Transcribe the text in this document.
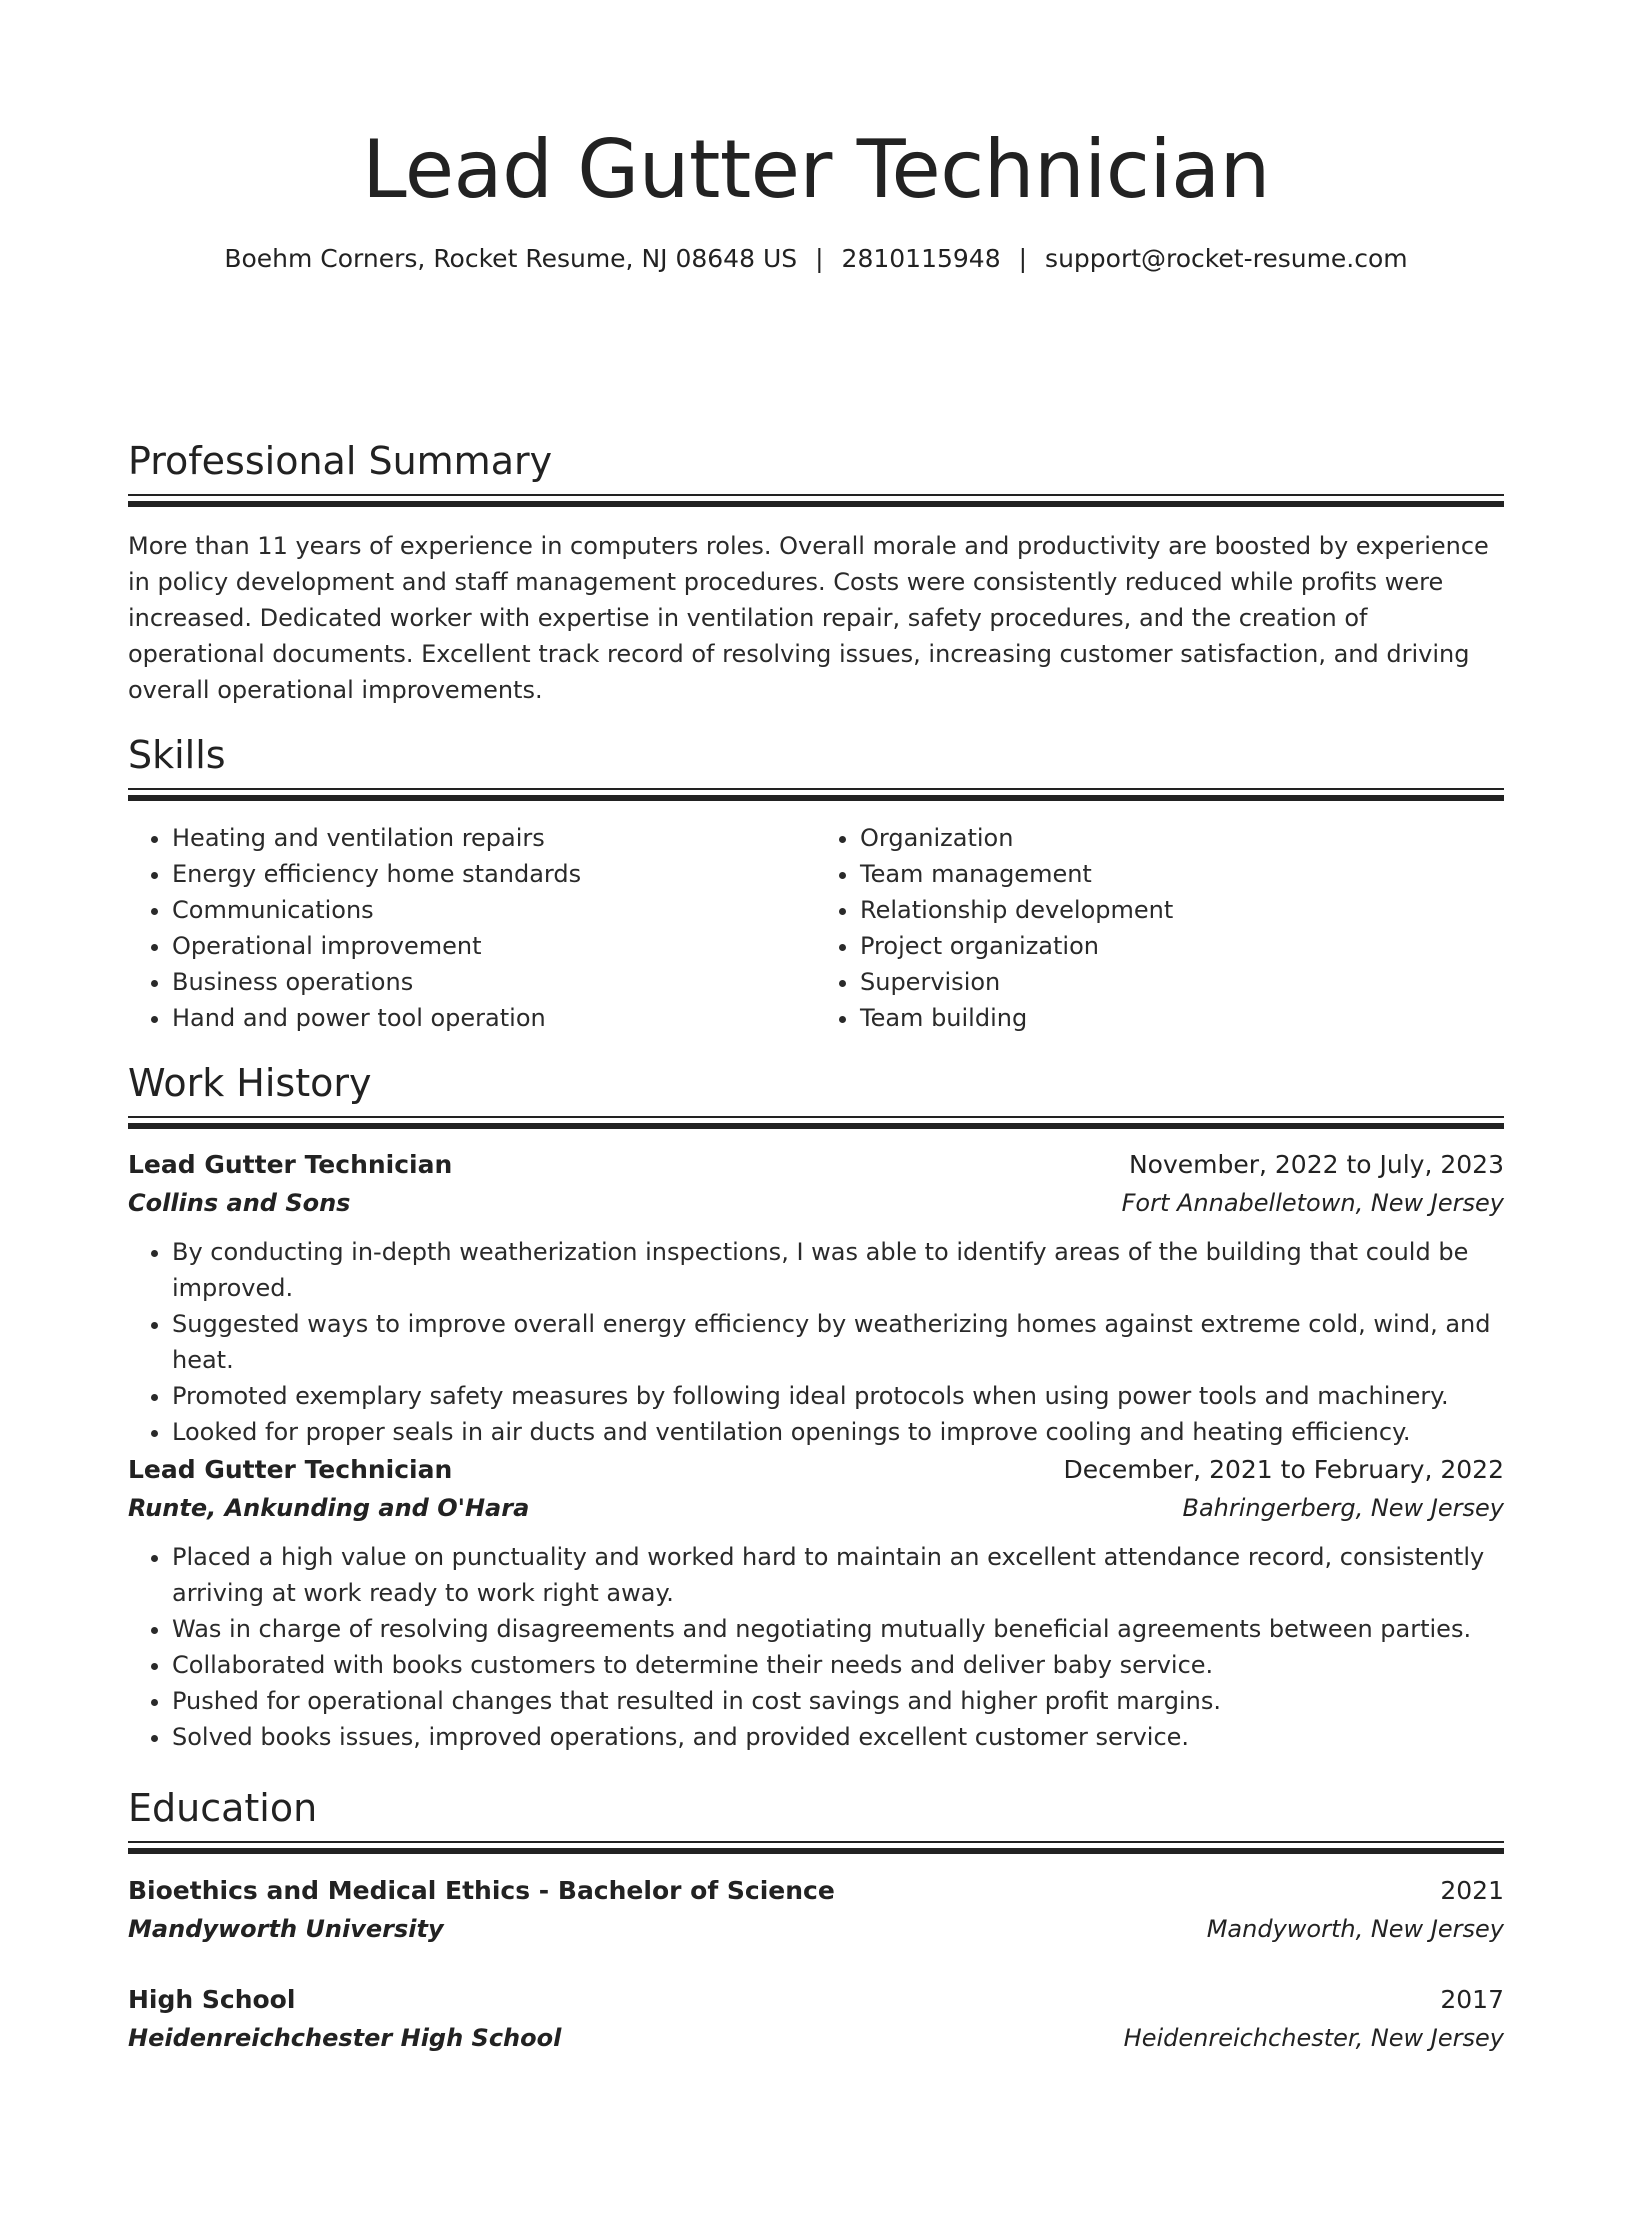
Lead Gutter Technician
Boehm Corners, Rocket Resume, NJ 08648 US | 2810115948 | support@rocket-resume.com
Professional Summary
More than 11 years of experience in computers roles. Overall morale and productivity are boosted by experience in policy development and staff management procedures. Costs were consistently reduced while profits were increased. Dedicated worker with expertise in ventilation repair, safety procedures, and the creation of operational documents. Excellent track record of resolving issues, increasing customer satisfaction, and driving overall operational improvements.
Skills
• Heating and ventilation repairs
• Energy efficiency home standards
• Communications
• Operational improvement
• Business operations
• Hand and power tool operation
• Organization
• Team management
• Relationship development
• Project organization
• Supervision
• Team building
Work History
Lead Gutter Technician	November, 2022 to July, 2023
Collins and Sons	Fort Annabelletown, New Jersey
• By conducting in-depth weatherization inspections, I was able to identify areas of the building that could be improved.
• Suggested ways to improve overall energy efficiency by weatherizing homes against extreme cold, wind, and heat.
• Promoted exemplary safety measures by following ideal protocols when using power tools and machinery.
• Looked for proper seals in air ducts and ventilation openings to improve cooling and heating efficiency.
Lead Gutter Technician	December, 2021 to February, 2022
Runte, Ankunding and O'Hara	Bahringerberg, New Jersey
• Placed a high value on punctuality and worked hard to maintain an excellent attendance record, consistently arriving at work ready to work right away.
• Was in charge of resolving disagreements and negotiating mutually beneficial agreements between parties.
• Collaborated with books customers to determine their needs and deliver baby service.
• Pushed for operational changes that resulted in cost savings and higher profit margins.
• Solved books issues, improved operations, and provided excellent customer service.
Education
Bioethics and Medical Ethics - Bachelor of Science	2021
Mandyworth University	Mandyworth, New Jersey
High School	2017
Heidenreichchester High School	Heidenreichchester, New Jersey
